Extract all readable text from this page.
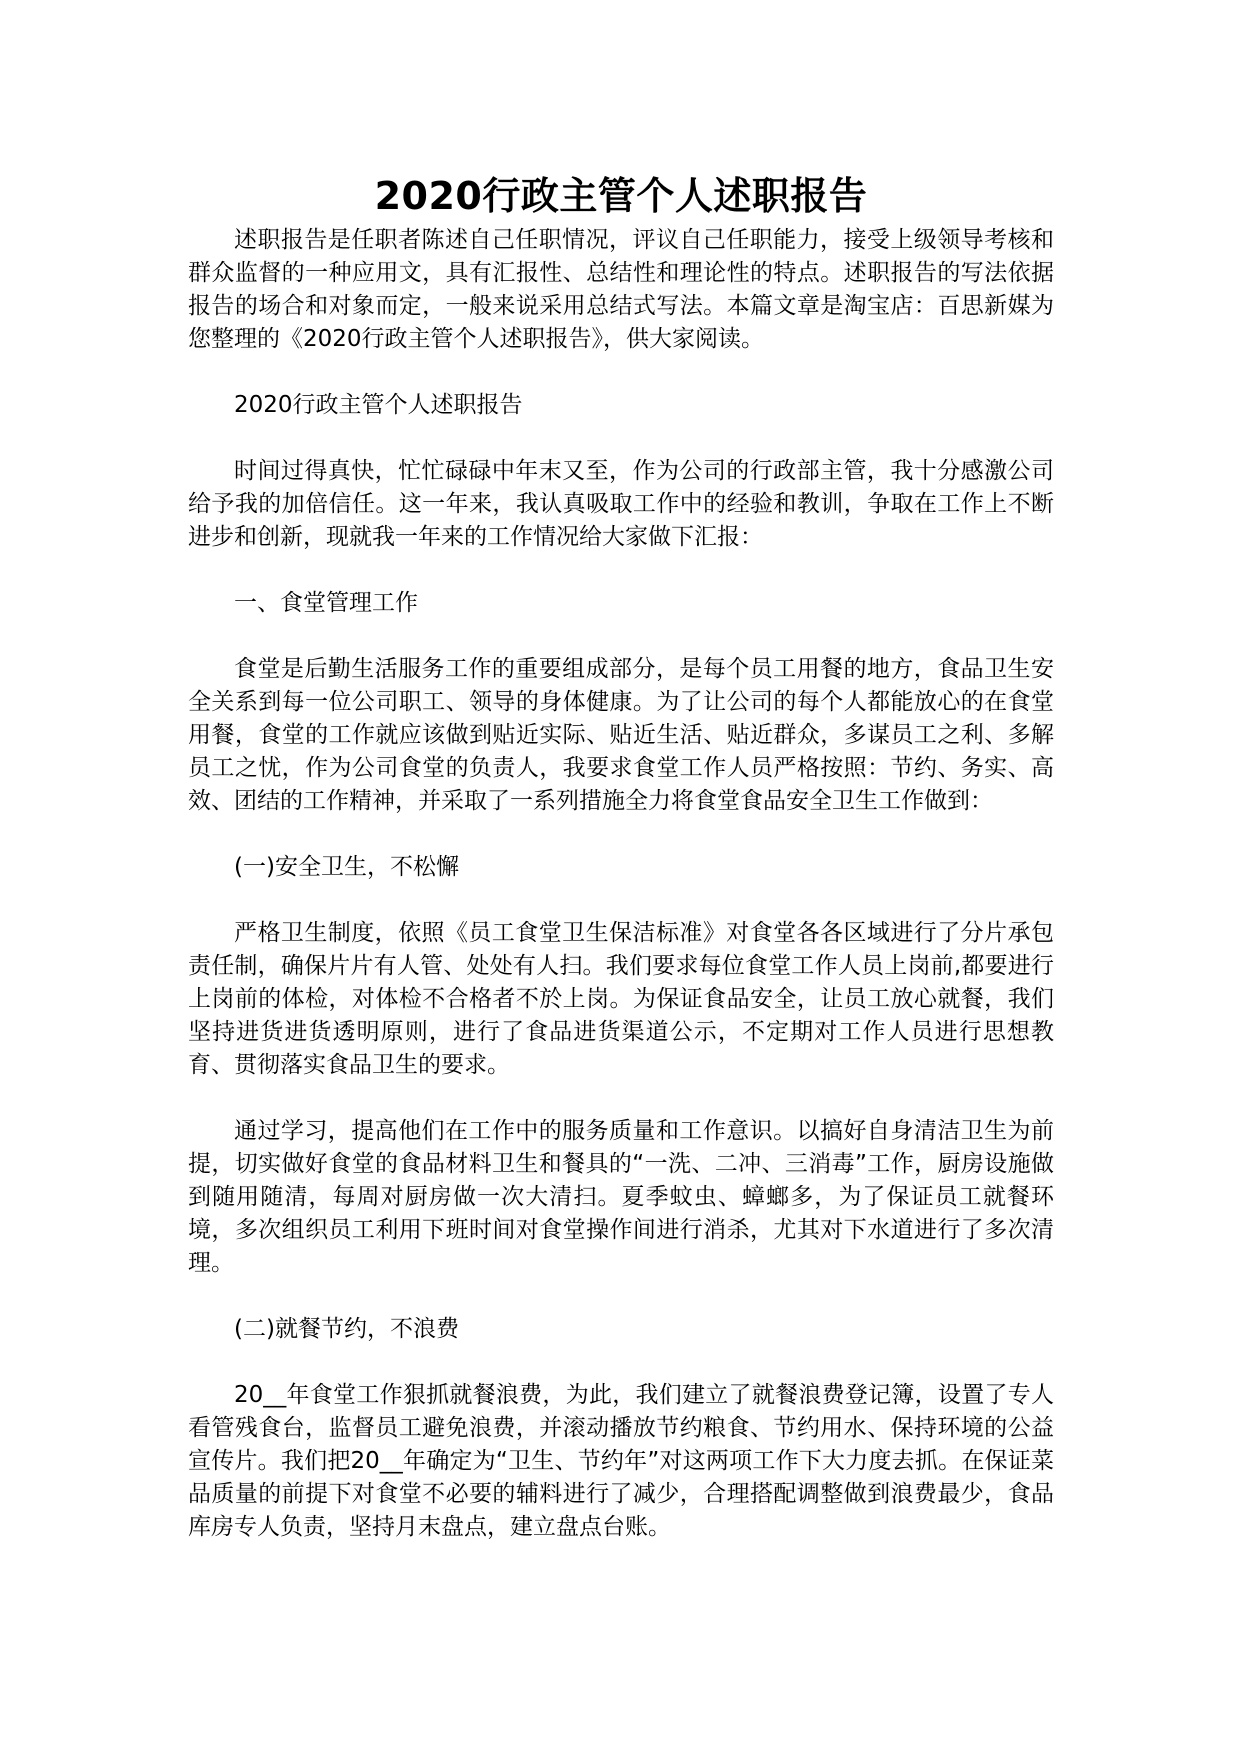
2020行政主管个人述职报告

述职报告是任职者陈述自己任职情况，评议自己任职能力，接受上级领导考核和群众监督的一种应用文，具有汇报性、总结性和理论性的特点。述职报告的写法依据报告的场合和对象而定，一般来说采用总结式写法。本篇文章是淘宝店：百思新媒为您整理的《2020行政主管个人述职报告》，供大家阅读。

2020行政主管个人述职报告

时间过得真快，忙忙碌碌中年末又至，作为公司的行政部主管，我十分感激公司给予我的加倍信任。这一年来，我认真吸取工作中的经验和教训，争取在工作上不断进步和创新，现就我一年来的工作情况给大家做下汇报：

一、食堂管理工作

食堂是后勤生活服务工作的重要组成部分，是每个员工用餐的地方，食品卫生安全关系到每一位公司职工、领导的身体健康。为了让公司的每个人都能放心的在食堂用餐，食堂的工作就应该做到贴近实际、贴近生活、贴近群众，多谋员工之利、多解员工之忧，作为公司食堂的负责人，我要求食堂工作人员严格按照：节约、务实、高效、团结的工作精神，并采取了一系列措施全力将食堂食品安全卫生工作做到：

(一)安全卫生，不松懈

严格卫生制度，依照《员工食堂卫生保洁标准》对食堂各各区域进行了分片承包责任制，确保片片有人管、处处有人扫。我们要求每位食堂工作人员上岗前,都要进行上岗前的体检，对体检不合格者不於上岗。为保证食品安全，让员工放心就餐，我们坚持进货进货透明原则，进行了食品进货渠道公示，不定期对工作人员进行思想教育、贯彻落实食品卫生的要求。

通过学习，提高他们在工作中的服务质量和工作意识。以搞好自身清洁卫生为前提，切实做好食堂的食品材料卫生和餐具的“一洗、二冲、三消毒”工作，厨房设施做到随用随清，每周对厨房做一次大清扫。夏季蚊虫、蟑螂多，为了保证员工就餐环境，多次组织员工利用下班时间对食堂操作间进行消杀，尤其对下水道进行了多次清理。

(二)就餐节约，不浪费

20__年食堂工作狠抓就餐浪费，为此，我们建立了就餐浪费登记簿，设置了专人看管残食台，监督员工避免浪费，并滚动播放节约粮食、节约用水、保持环境的公益宣传片。我们把20__年确定为“卫生、节约年”对这两项工作下大力度去抓。在保证菜品质量的前提下对食堂不必要的辅料进行了减少，合理搭配调整做到浪费最少，食品库房专人负责，坚持月末盘点，建立盘点台账。
